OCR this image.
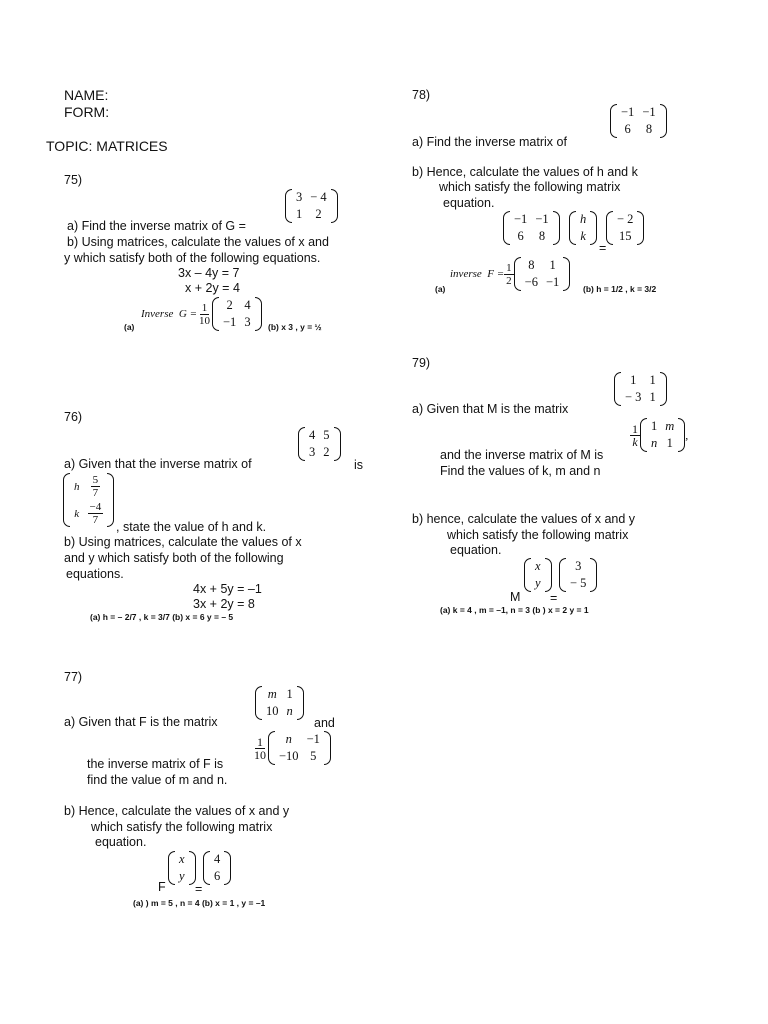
NAME:
FORM:
TOPIC: MATRICES
75)
3	− 4
1	2
a) Find the inverse matrix of G =
b) Using matrices, calculate the values of x and
y which satisfy both of the following equations.
3x – 4y = 7
x + 2y = 4
Inverse
$G = \frac{1}{10} 2$	4
−1	3
(a)	(b) x 3 , y = ½
76)
4	5
3	2
a) Given that the inverse matrix of	is
h	$\frac{5}{7}$

k	$\frac{-4}{7}$
, state the value of h and k.
b) Using matrices, calculate the values of x
and y which satisfy both of the following
equations.
4x + 5y = –1
3x + 2y = 8
(a) h = – 2/7 , k = 3/7 (b) x = 6 y = – 5
77)
m	1
10	n
a) Given that F is the matrix	and
$\frac{1}{10}$ n	−1
−10	5
the inverse matrix of F is
find the value of m and n.
b) Hence, calculate the values of x and y
which satisfy the following matrix
equation.
F
x
y
=
4
6
(a) ) m = 5 , n = 4 (b) x = 1 , y = –1
78)
−1	−1
6	8
a) Find the inverse matrix of
b) Hence, calculate the values of h and k
which satisfy the following matrix
equation.
−1	−1
6	8
h
k
=
− 2
15
inverse
$F = \frac{1}{2} 8$	1
−6	−1
(a)	(b) h = 1/2 , k = 3/2
79)
1	1
− 3	1
a) Given that M is the matrix
$\frac{1}{k} 1$	m
n	1
,
and the inverse matrix of M is
Find the values of k, m and n
b) hence, calculate the values of x and y
which satisfy the following matrix
equation.
M
x
y
=
3
− 5
(a) k = 4 , m = –1, n = 3 (b ) x = 2 y = 1
